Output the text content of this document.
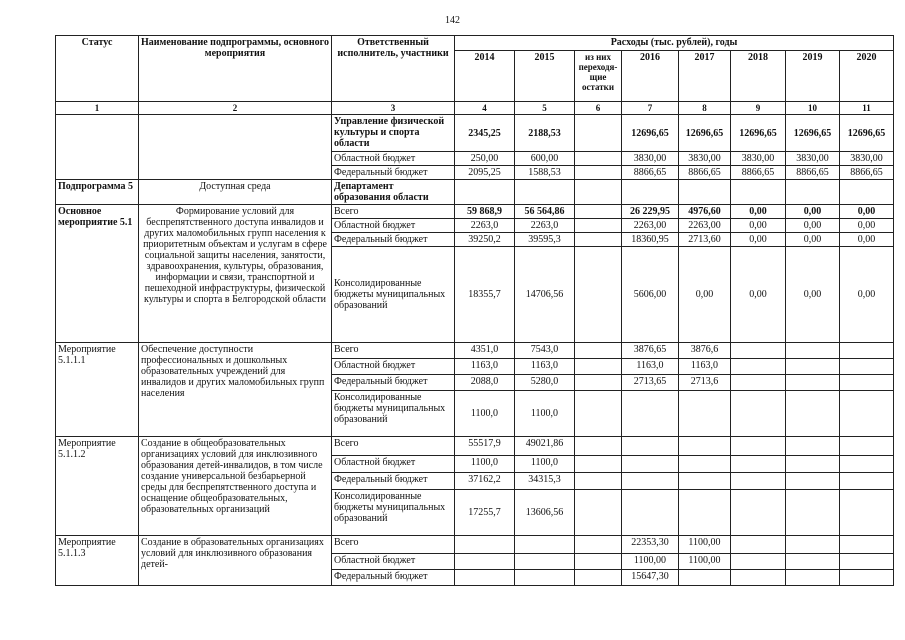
142
Статус	Наименование подпрограммы, основного мероприятия	Ответственный исполнитель, участники	Расходы (тыс. рублей), годы							
			2014	2015	из них переходя-щие остатки	2016	2017	2018	2019	2020
1	2	3	4	5	6	7	8	9	10	11
		Управление физической культуры и спорта области	2345,25	2188,53		12696,65	12696,65	12696,65	12696,65	12696,65
		Областной бюджет	250,00	600,00		3830,00	3830,00	3830,00	3830,00	3830,00
		Федеральный бюджет	2095,25	1588,53		8866,65	8866,65	8866,65	8866,65	8866,65
Подпрограмма 5	Доступная среда	Департамент образования области								
Основное мероприятие 5.1	Формирование условий для беспрепятственного доступа инвалидов и других маломобильных групп населения к приоритетным объектам и услугам в сфере социальной защиты населения, занятости, здравоохранения, культуры, образования, информации и связи, транспортной и пешеходной инфраструктуры, физической культуры и спорта в Белгородской области	Всего	59 868,9	56 564,86		26 229,95	4976,60	0,00	0,00	0,00
		Областной бюджет	2263,0	2263,0		2263,00	2263,00	0,00	0,00	0,00
		Федеральный бюджет	39250,2	39595,3		18360,95	2713,60	0,00	0,00	0,00
		Консолидированные бюджеты муниципальных образований	18355,7	14706,56		5606,00	0,00	0,00	0,00	0,00
Мероприятие 5.1.1.1	Обеспечение доступности профессиональных и дошкольных образовательных учреждений для инвалидов и других маломобильных групп населения	Всего	4351,0	7543,0		3876,65	3876,6			
		Областной бюджет	1163,0	1163,0		1163,0	1163,0			
		Федеральный бюджет	2088,0	5280,0		2713,65	2713,6			
		Консолидированные бюджеты муниципальных образований	1100,0	1100,0						
Мероприятие 5.1.1.2	Создание в общеобразовательных организациях условий для инклюзивного образования детей-инвалидов, в том числе создание универсальной безбарьерной среды для беспрепятственного доступа и оснащение общеобразовательных, образовательных организаций	Всего	55517,9	49021,86						
		Областной бюджет	1100,0	1100,0						
		Федеральный бюджет	37162,2	34315,3						
		Консолидированные бюджеты муниципальных образований	17255,7	13606,56						
Мероприятие 5.1.1.3	Создание в образовательных организациях условий для инклюзивного образования детей-	Всего				22353,30	1100,00			
		Областной бюджет				1100,00	1100,00			
		Федеральный бюджет				15647,30				
